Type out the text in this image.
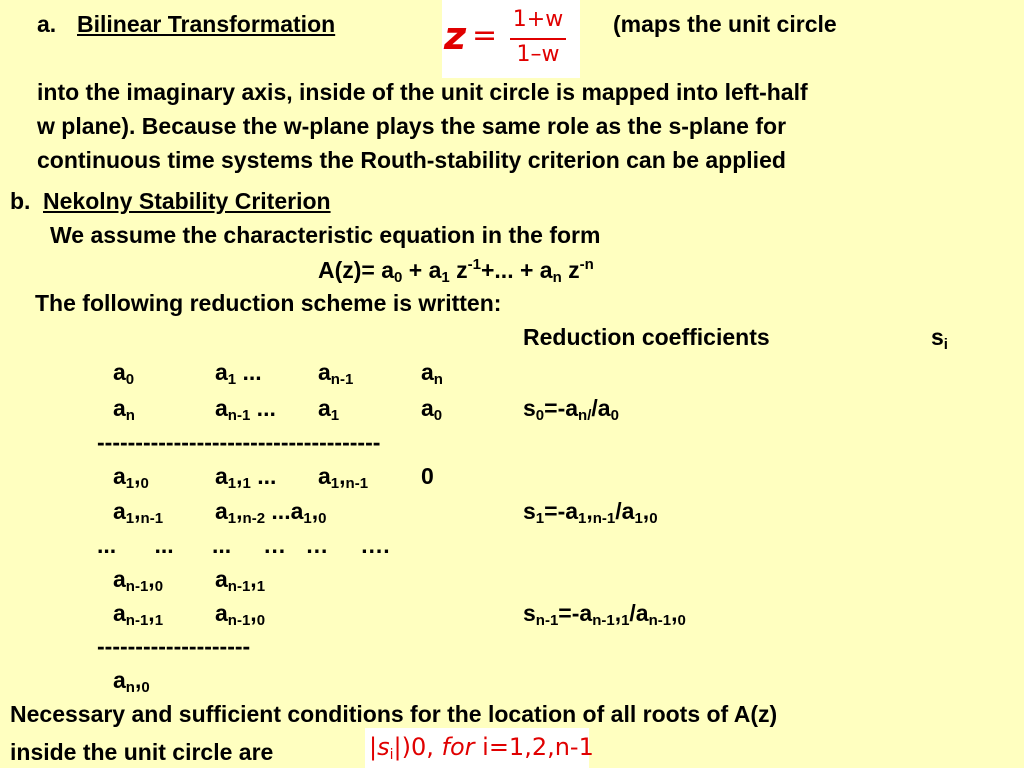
a. Bilinear Transformation	z = 1+w
1–w
(maps the unit circle
into the imaginary axis, inside of the unit circle is mapped into left-half
w plane). Because the w-plane plays the same role as the s-plane for
continuous time systems the Routh-stability criterion can be applied
b. Nekolny Stability Criterion
We assume the characteristic equation in the form
$A(z)= a_0 + a_1$ $z^{-1}+$... + $a_n$ $z^{-n}$
The following reduction scheme is written:
Reduction coefficients	$s_i$
$a_0$	$a_1$ ... $a_{n-1}$	$a_n$
$a_n$	$a_{n-1}$ ... $a_1$	$a_0$	$s_0=-a_{n/}/a_0$
-------------------------------------
$a_1,_0$	$a_1,_1$ ... $a_1,_{n-1}$ 0
$a_1,_{n-1}$ $a_1,_{n-2}$ $...a_1,_0$	$s_1=-a_1,_{n-1}/a_1,_0$
...      ...      ...     …   …     ….
$a_{n-1},_0$ $a_{n-1},_1$
$a_{n-1},_1$ $a_{n-1},_0$	$s_{n-1}=-a_{n-1},_1/a_{n-1},_0$
--------------------
$a_n,_0$
Necessary and sufficient conditions for the location of all roots of A(z)
inside the unit circle are	$|s_i|)0$, for i=1,2,n-1
